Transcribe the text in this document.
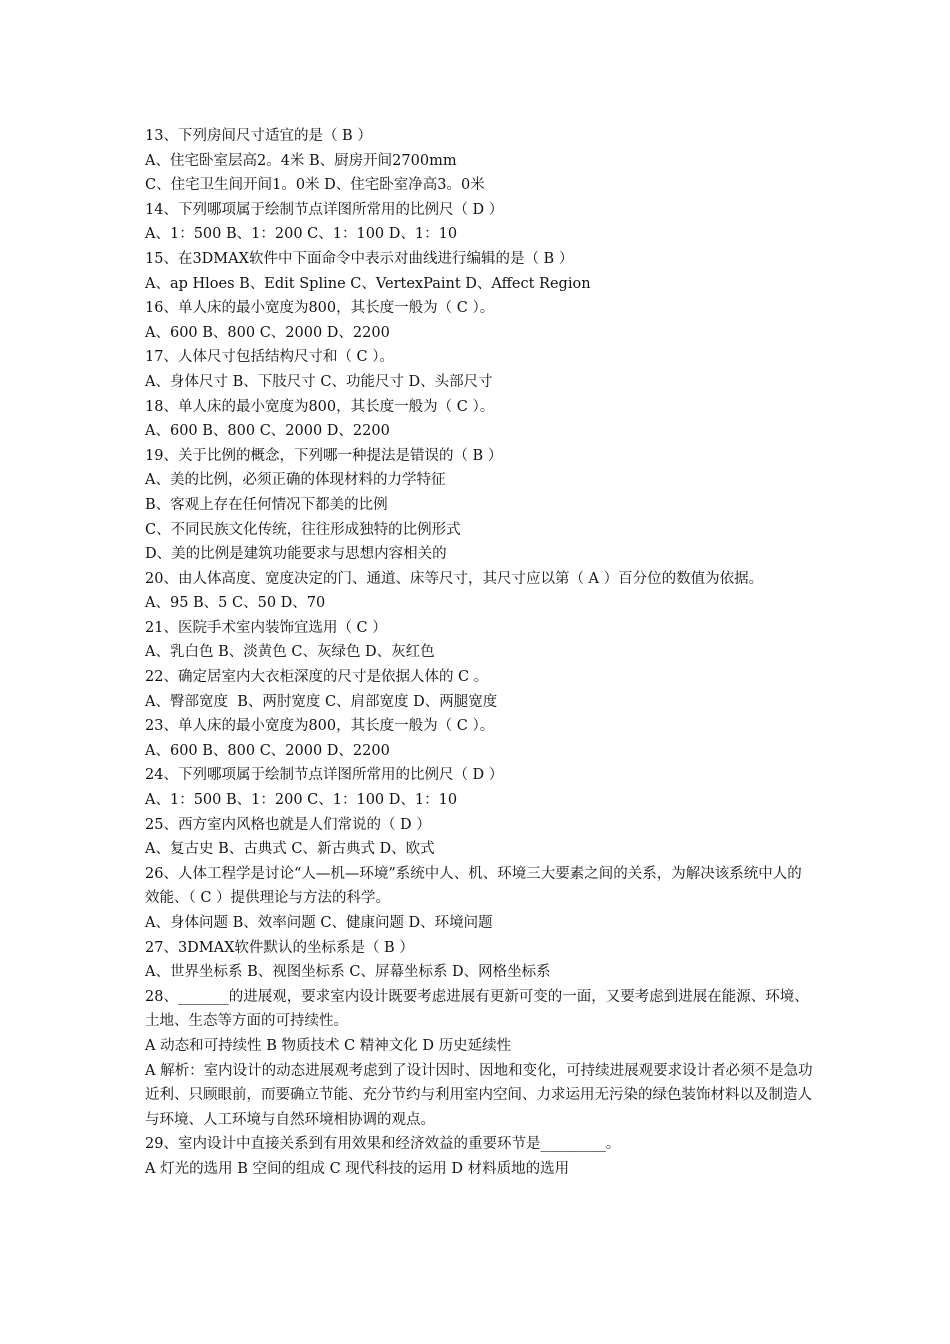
13、下列房间尺寸适宜的是（ B ）
A、住宅卧室层高2。4米 B、厨房开间2700mm
C、住宅卫生间开间1。0米 D、住宅卧室净高3。0米
14、下列哪项属于绘制节点详图所常用的比例尺（ D ）
A、1：500 B、1：200 C、1：100 D、1：10
15、在3DMAX软件中下面命令中表示对曲线进行编辑的是（ B ）
A、ap Hloes B、Edit Spline C、VertexPaint D、Affect Region
16、单人床的最小宽度为800，其长度一般为（ C ）。
A、600 B、800 C、2000 D、2200
17、人体尺寸包括结构尺寸和（ C ）。
A、身体尺寸 B、下肢尺寸 C、功能尺寸 D、头部尺寸
18、单人床的最小宽度为800，其长度一般为（ C ）。
A、600 B、800 C、2000 D、2200
19、关于比例的概念，下列哪一种提法是错误的（ B ）
A、美的比例，必须正确的体现材料的力学特征
B、客观上存在任何情况下都美的比例
C、不同民族文化传统，往往形成独特的比例形式
D、美的比例是建筑功能要求与思想内容相关的
20、由人体高度、宽度决定的门、通道、床等尺寸，其尺寸应以第（ A ）百分位的数值为依据。
A、95 B、5 C、50 D、70
21、医院手术室内装饰宜选用（ C ）
A、乳白色 B、淡黄色 C、灰绿色 D、灰红色
22、确定居室内大衣柜深度的尺寸是依据人体的 C 。
A、臀部宽度  B、两肘宽度 C、肩部宽度 D、两腿宽度
23、单人床的最小宽度为800，其长度一般为（ C ）。
A、600 B、800 C、2000 D、2200
24、下列哪项属于绘制节点详图所常用的比例尺（ D ）
A、1：500 B、1：200 C、1：100 D、1：10
25、西方室内风格也就是人们常说的（ D ）
A、复古史 B、古典式 C、新古典式 D、欧式
26、人体工程学是讨论“人—机—环境”系统中人、机、环境三大要素之间的关系，为解决该系统中人的效能、（ C ）提供理论与方法的科学。
A、身体问题 B、效率问题 C、健康问题 D、环境问题
27、3DMAX软件默认的坐标系是（ B ）
A、世界坐标系 B、视图坐标系 C、屏幕坐标系 D、网格坐标系
28、_______的进展观，要求室内设计既要考虑进展有更新可变的一面，又要考虑到进展在能源、环境、土地、生态等方面的可持续性。
A 动态和可持续性 B 物质技术 C 精神文化 D 历史延续性
A 解析：室内设计的动态进展观考虑到了设计因时、因地和变化，可持续进展观要求设计者必须不是急功近利、只顾眼前，而要确立节能、充分节约与利用室内空间、力求运用无污染的绿色装饰材料以及制造人与环境、人工环境与自然环境相协调的观点。
29、室内设计中直接关系到有用效果和经济效益的重要环节是_________。
A 灯光的选用 B 空间的组成 C 现代科技的运用 D 材料质地的选用
